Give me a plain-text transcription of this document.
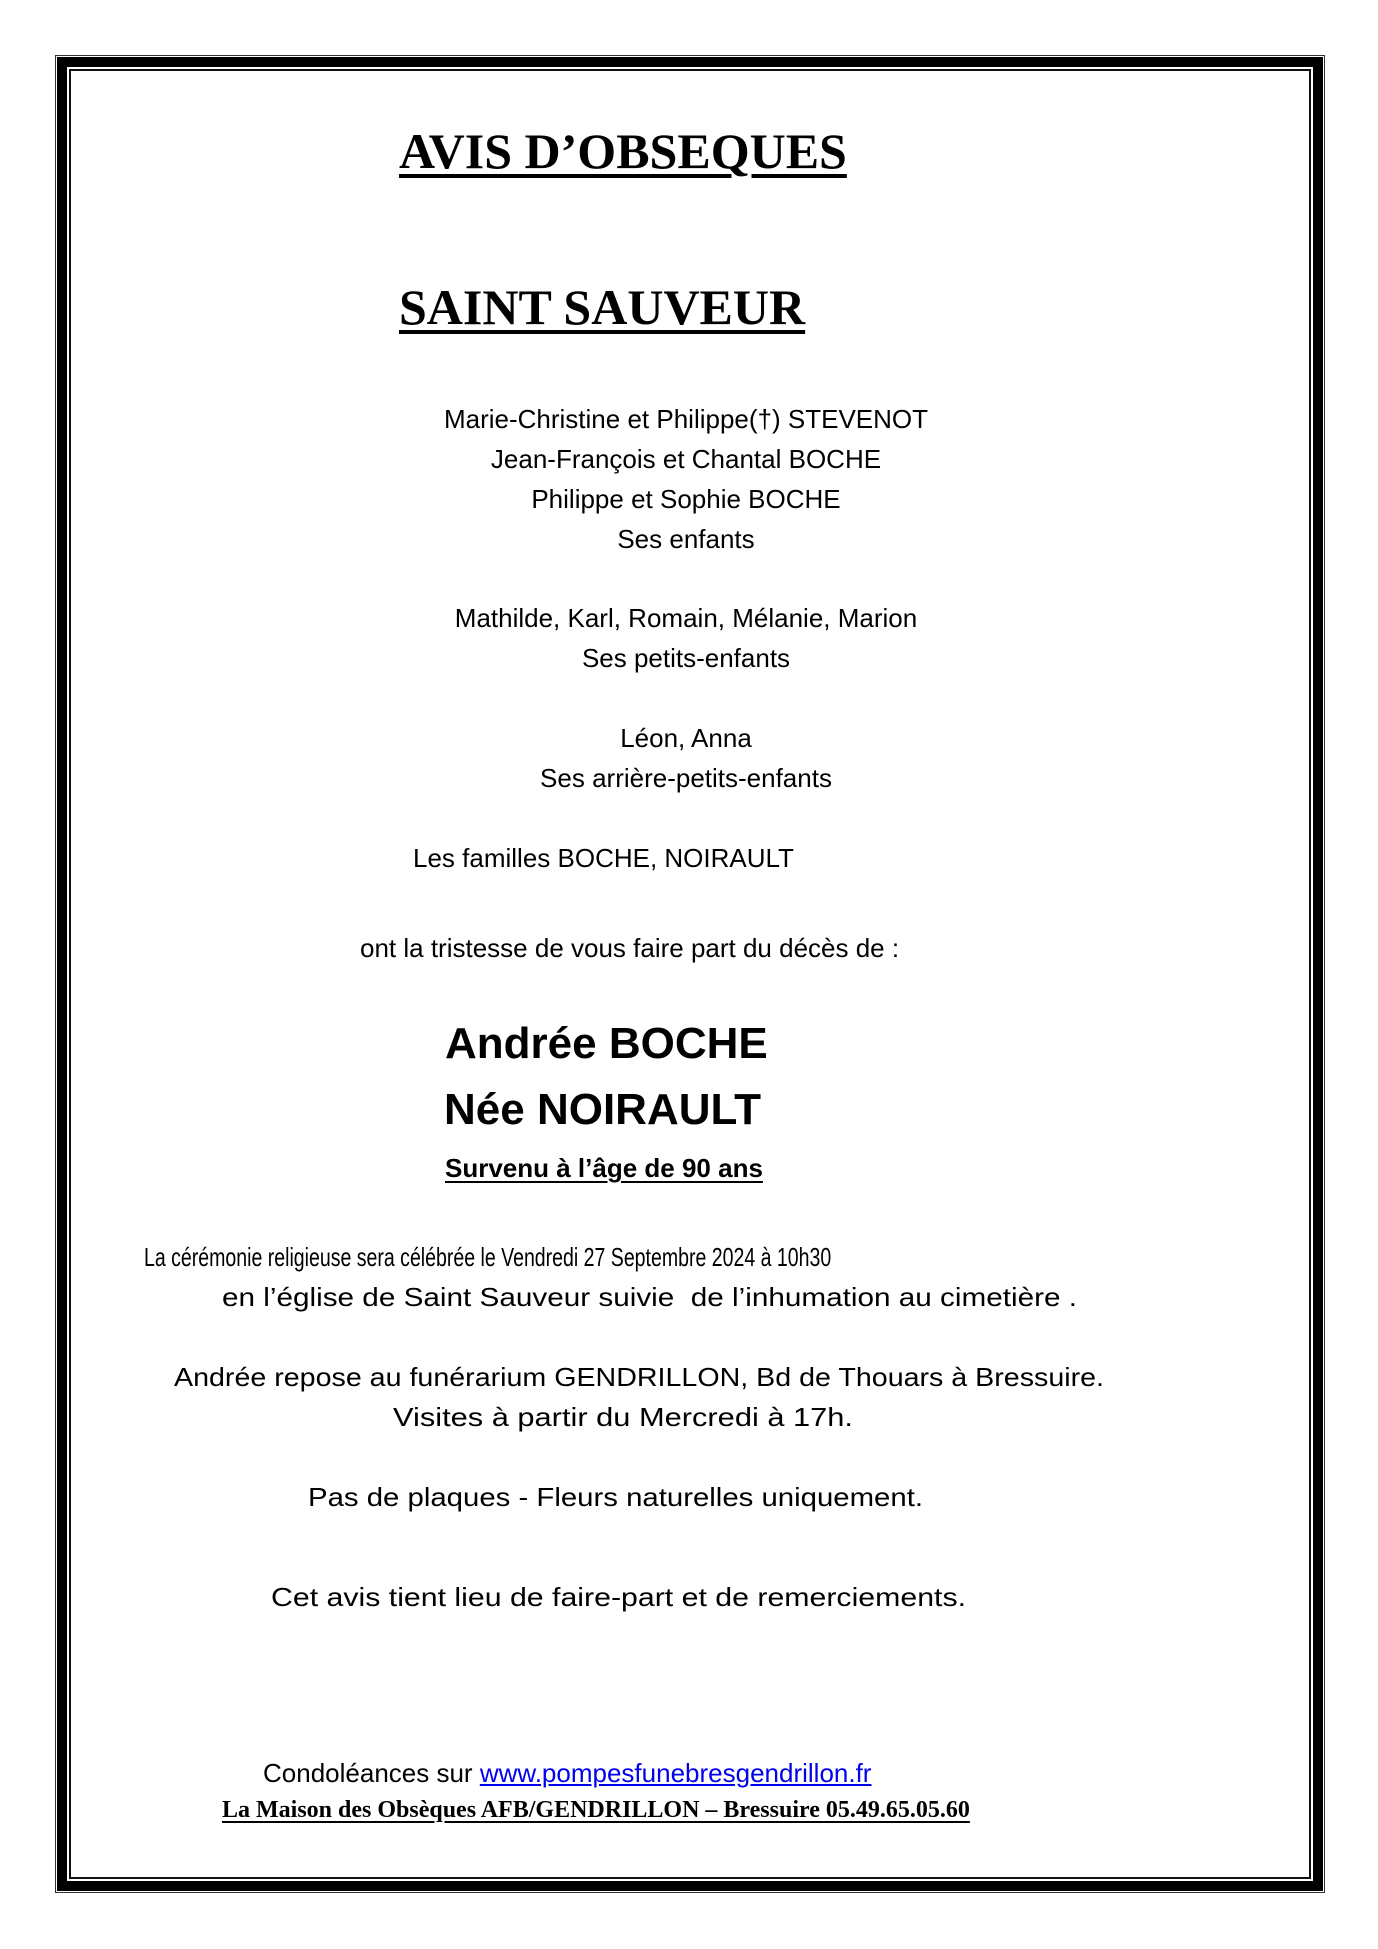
AVIS D’OBSEQUES
SAINT SAUVEUR
Marie-Christine et Philippe(†) STEVENOT
Jean-François et Chantal BOCHE
Philippe et Sophie BOCHE
Ses enfants
Mathilde, Karl, Romain, Mélanie, Marion
Ses petits-enfants
Léon, Anna
Ses arrière-petits-enfants
Les familles BOCHE, NOIRAULT
ont la tristesse de vous faire part du décès de :
Andrée BOCHE
Née NOIRAULT
Survenu à l’âge de 90 ans
La cérémonie religieuse sera célébrée le Vendredi 27 Septembre 2024 à 10h30
en l’église de Saint Sauveur suivie  de l’inhumation au cimetière .
Andrée repose au funérarium GENDRILLON, Bd de Thouars à Bressuire.
Visites à partir du Mercredi à 17h.
Pas de plaques - Fleurs naturelles uniquement.
Cet avis tient lieu de faire-part et de remerciements.
Condoléances sur www.pompesfunebresgendrillon.fr
La Maison des Obsèques AFB/GENDRILLON – Bressuire 05.49.65.05.60
